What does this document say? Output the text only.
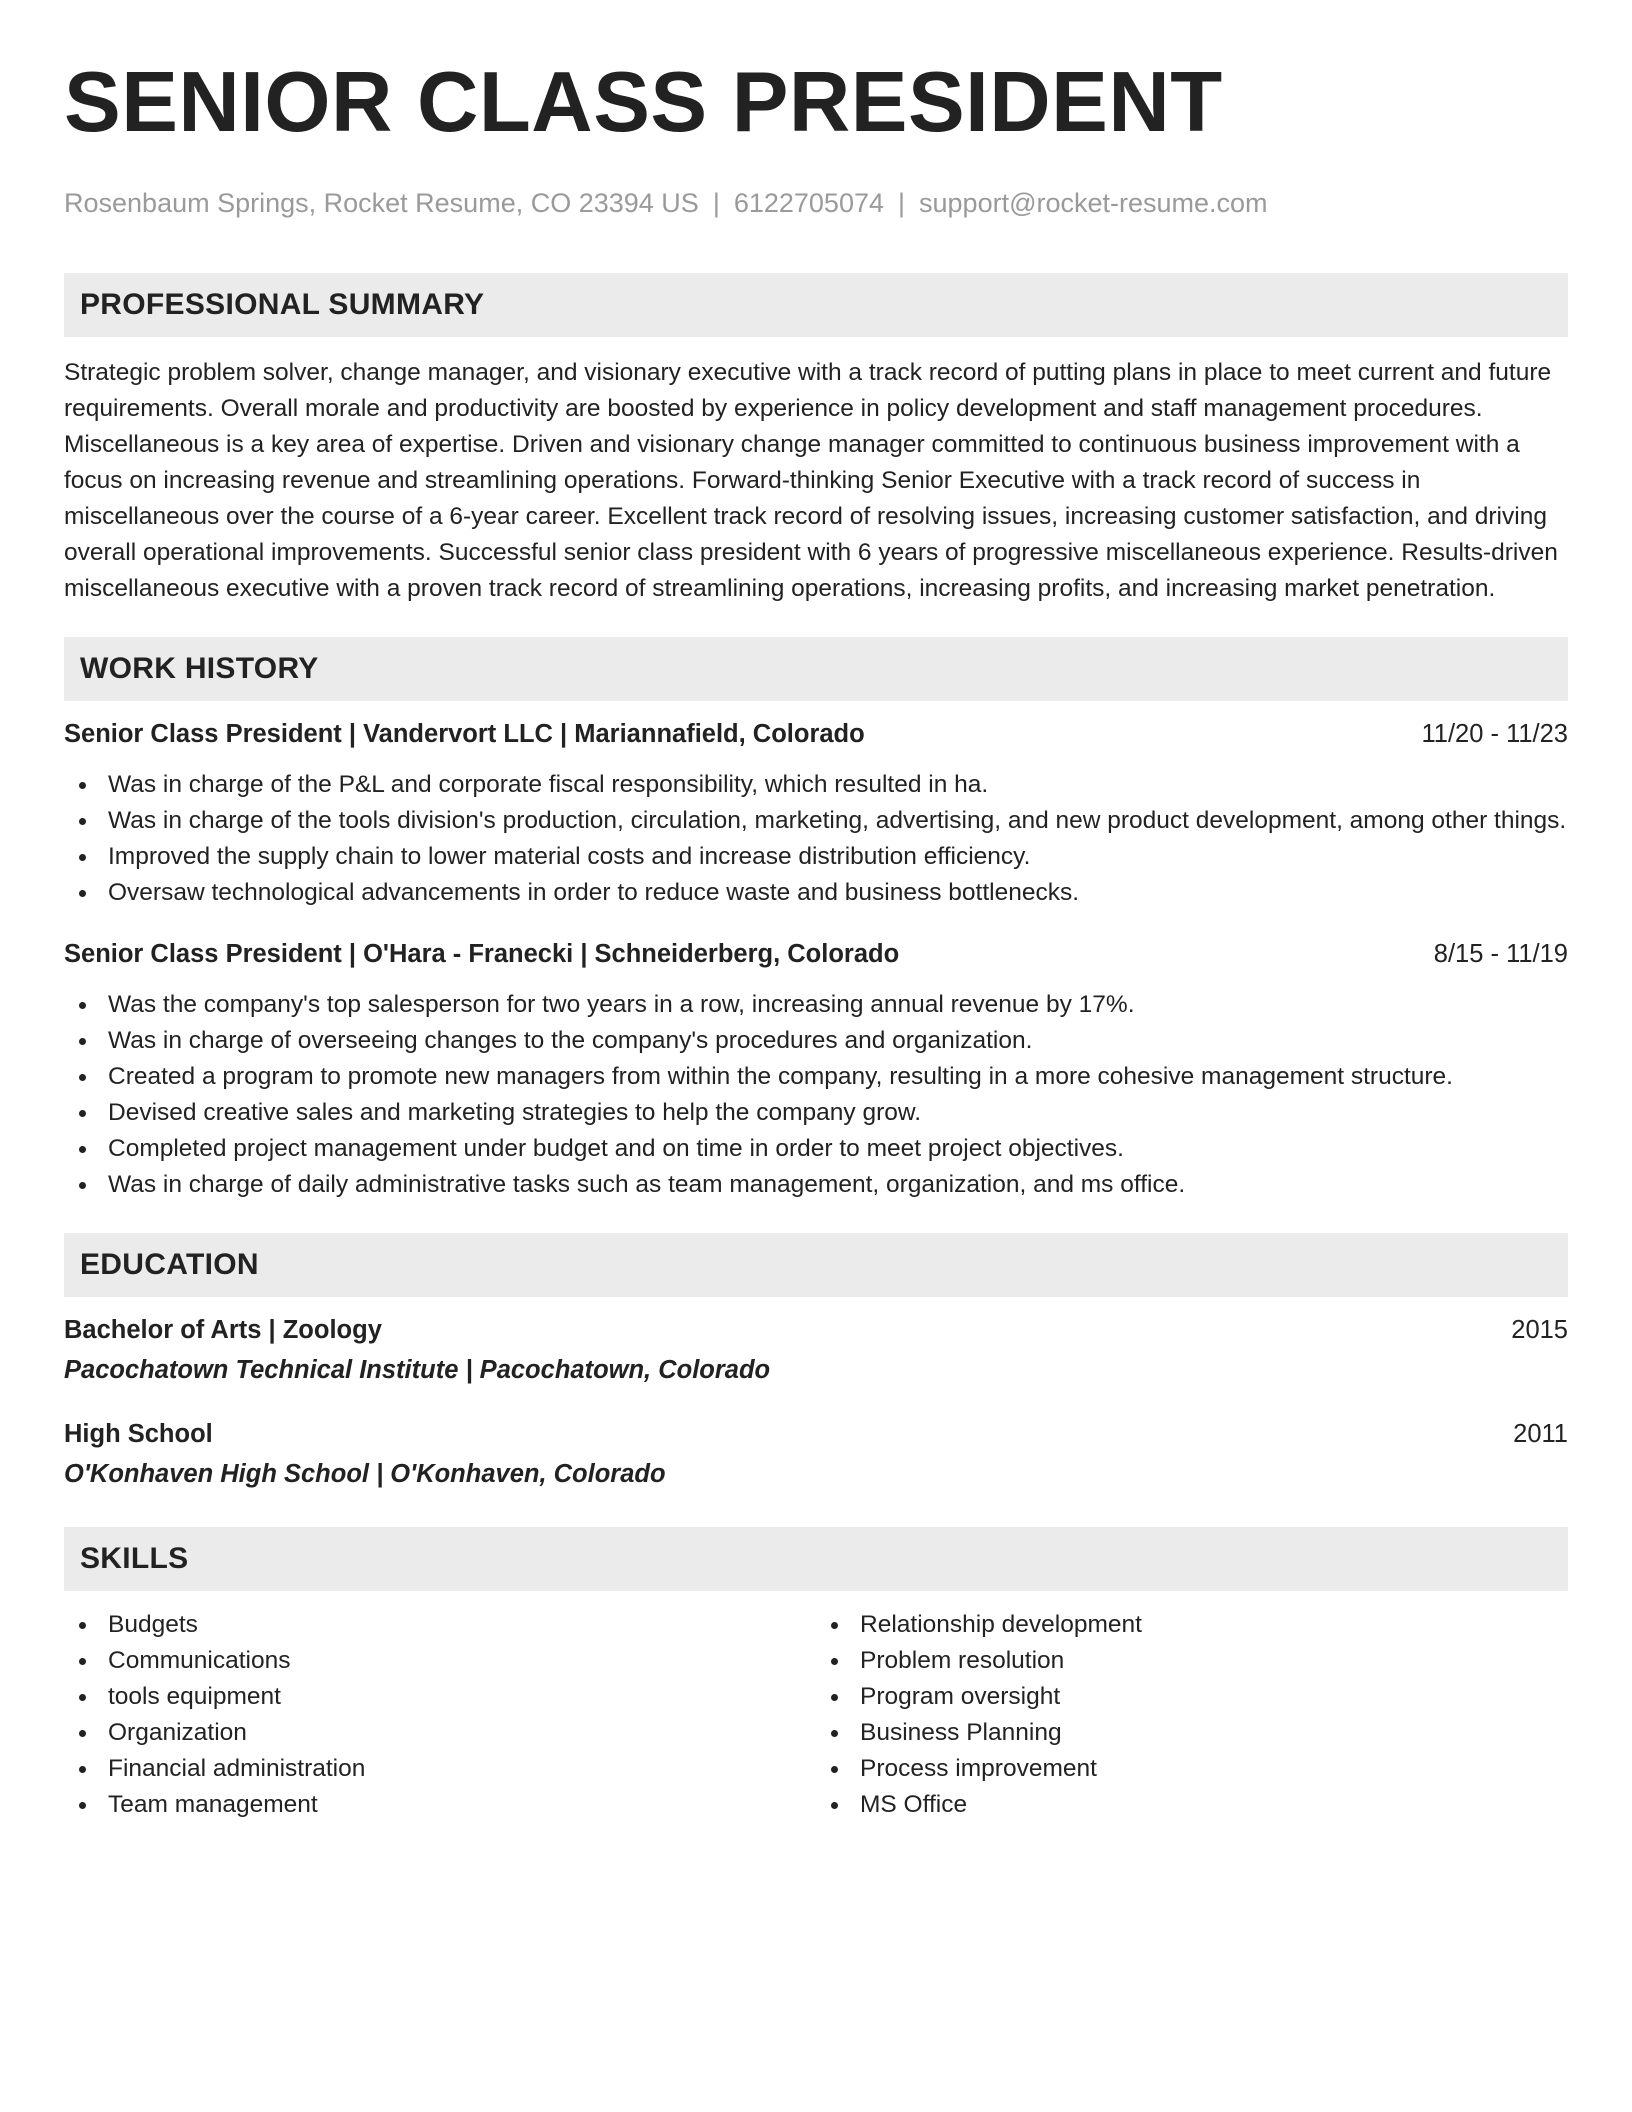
SENIOR CLASS PRESIDENT
Rosenbaum Springs, Rocket Resume, CO 23394 US | 6122705074 | support@rocket-resume.com
PROFESSIONAL SUMMARY
Strategic problem solver, change manager, and visionary executive with a track record of putting plans in place to meet current and future requirements. Overall morale and productivity are boosted by experience in policy development and staff management procedures. Miscellaneous is a key area of expertise. Driven and visionary change manager committed to continuous business improvement with a focus on increasing revenue and streamlining operations. Forward-thinking Senior Executive with a track record of success in miscellaneous over the course of a 6-year career. Excellent track record of resolving issues, increasing customer satisfaction, and driving overall operational improvements. Successful senior class president with 6 years of progressive miscellaneous experience. Results-driven miscellaneous executive with a proven track record of streamlining operations, increasing profits, and increasing market penetration.
WORK HISTORY
Senior Class President | Vandervort LLC | Mariannafield, Colorado	11/20 - 11/23
Was in charge of the P&L and corporate fiscal responsibility, which resulted in ha.
Was in charge of the tools division's production, circulation, marketing, advertising, and new product development, among other things.
Improved the supply chain to lower material costs and increase distribution efficiency.
Oversaw technological advancements in order to reduce waste and business bottlenecks.
Senior Class President | O'Hara - Franecki | Schneiderberg, Colorado	8/15 - 11/19
Was the company's top salesperson for two years in a row, increasing annual revenue by 17%.
Was in charge of overseeing changes to the company's procedures and organization.
Created a program to promote new managers from within the company, resulting in a more cohesive management structure.
Devised creative sales and marketing strategies to help the company grow.
Completed project management under budget and on time in order to meet project objectives.
Was in charge of daily administrative tasks such as team management, organization, and ms office.
EDUCATION
Bachelor of Arts | Zoology	2015
Pacochatown Technical Institute | Pacochatown, Colorado
High School	2011
O'Konhaven High School | O'Konhaven, Colorado
SKILLS
Budgets
Communications
tools equipment
Organization
Financial administration
Team management
Relationship development
Problem resolution
Program oversight
Business Planning
Process improvement
MS Office
